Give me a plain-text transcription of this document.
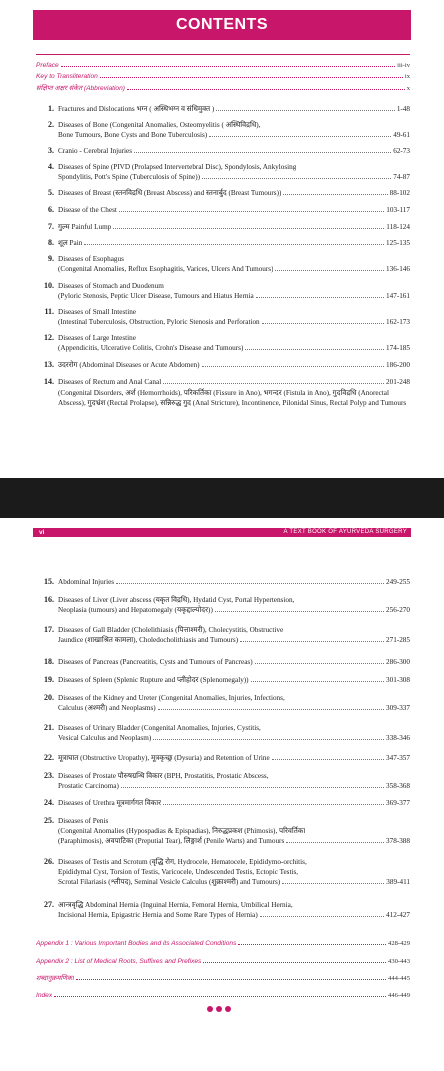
CONTENTS
Preface	iii-iv
Key to Transliteration	ix
संक्षिप्त अक्षर संकेत (Abbreviation)	x
1. Fractures and Dislocations भग्न ( अस्थिभग्न व संधिमुक्त )	1-48
2. Diseases of Bone (Congenital Anomalies, Osteomyelitis ( अस्थिविद्रधि),
Bone Tumours, Bone Cysts and Bone Tuberculosis)	49-61
3. Cranio - Cerebral Injuries	62-73
4. Diseases of Spine (PIVD (Prolapsed Intervertebral Disc), Spondylosis, Ankylosing
Spondylitis, Pott's Spine (Tuberculosis of Spine))	74-87
5. Diseases of Breast (स्तनविद्रधि (Breast Abscess) and स्तनार्बुद (Breast Tumours))	88-102
6. Disease of the Chest	103-117
7. गुल्म Painful Lump	118-124
8. शूल Pain	125-135
9. Diseases of Esophagus
(Congenital Anomalies, Reflux Esophagitis, Varices, Ulcers And Tumours)	136-146
10. Diseases of Stomach and Duodenum
(Pyloric Stenosis, Peptic Ulcer Disease, Tumours and Hiatus Hernia	147-161
11. Diseases of Small Intestine
(Intestinal Tuberculosis, Obstruction, Pyloric Stenosis and Perforation	162-173
12. Diseases of Large Intestine
(Appendicitis, Ulcerative Colitis, Crohn's Disease and Tumours)	174-185
13. उदररोग (Abdominal Diseases or Acute Abdomen)	186-200
14. Diseases of Rectum and Anal Canal	201-248
(Congenital Disorders, अर्श (Hemorrhoids), परिकर्तिका (Fissure in Ano), भगन्दर (Fistula in Ano), गुदविद्रधि (Anorectal Abscess), गुदभ्रंश (Rectal Prolapse), सन्निरुद्ध गुद (Anal Stricture), Incontinence, Pilonidal Sinus, Rectal Polyp and Tumours
vi	A TEXT BOOK OF AYURVEDA SURGERY
15. Abdominal Injuries	249-255
16. Diseases of Liver (Liver abscess (यकृत विद्रधि), Hydatid Cyst, Portal Hypertension,
Neoplasia (tumours) and Hepatomegaly (यकृद्दाल्योदर))	256-270
17. Diseases of Gall Bladder (Cholelithiasis (पित्ताश्मरी), Cholecystitis, Obstructive
Jaundice (शाखाश्रित कामला), Choledocholithiasis and Tumours)	271-285
18. Diseases of Pancreas (Pancreatitis, Cysts and Tumours of Pancreas)	286-300
19. Diseases of Spleen (Splenic Rupture and प्लीहोदर (Splenomegaly))	301-308
20. Diseases of the Kidney and Ureter (Congenital Anomalies, Injuries, Infections,
Calculus (अश्मरी) and Neoplasms)	309-337
21. Diseases of Urinary Bladder (Congenital Anomalies, Injuries, Cystitis,
Vesical Calculus and Neoplasm)	338-346
22. मूत्राघात (Obstructive Uropathy), मूत्रकृच्छ्र (Dysuria) and Retention of Urine	347-357
23. Diseases of Prostate पौरुषग्रन्थि विकार (BPH, Prostatitis, Prostatic Abscess,
Prostatic Carcinoma)	358-368
24. Diseases of Urethra मूत्रमार्गगत विकार	369-377
25. Diseases of Penis
(Congenital Anomalies (Hypospadias & Epispadias), निरुद्धप्रकश (Phimosis), परिवर्तिका
(Paraphimosis), अवपाटिका (Preputial Tear), लिङ्गार्श (Penile Warts) and Tumours	378-388
26. Diseases of Testis and Scrotum (वृद्धि रोग, Hydrocele, Hematocele, Epididymo-orchitis,
Epididymal Cyst, Torsion of Testis, Varicocele, Undescended Testis, Ectopic Testis,
Scrotal Filariasis (श्लीपद), Seminal Vesicle Calculus (शुक्राश्मरी) and Tumours)	389-411
27. आन्त्रवृद्धि Abdominal Hernia (Inguinal Hernia, Femoral Hernia, Umbilical Hernia,
Incisional Hernia, Epigastric Hernia and Some Rare Types of Hernia)	412-427
Appendix 1 : Various Important Bodies and its Associated Conditions	428-429
Appendix 2 : List of Medical Roots, Suffixes and Prefixes	430-443
शब्दानुक्रमणिका	444-445
Index	446-449
